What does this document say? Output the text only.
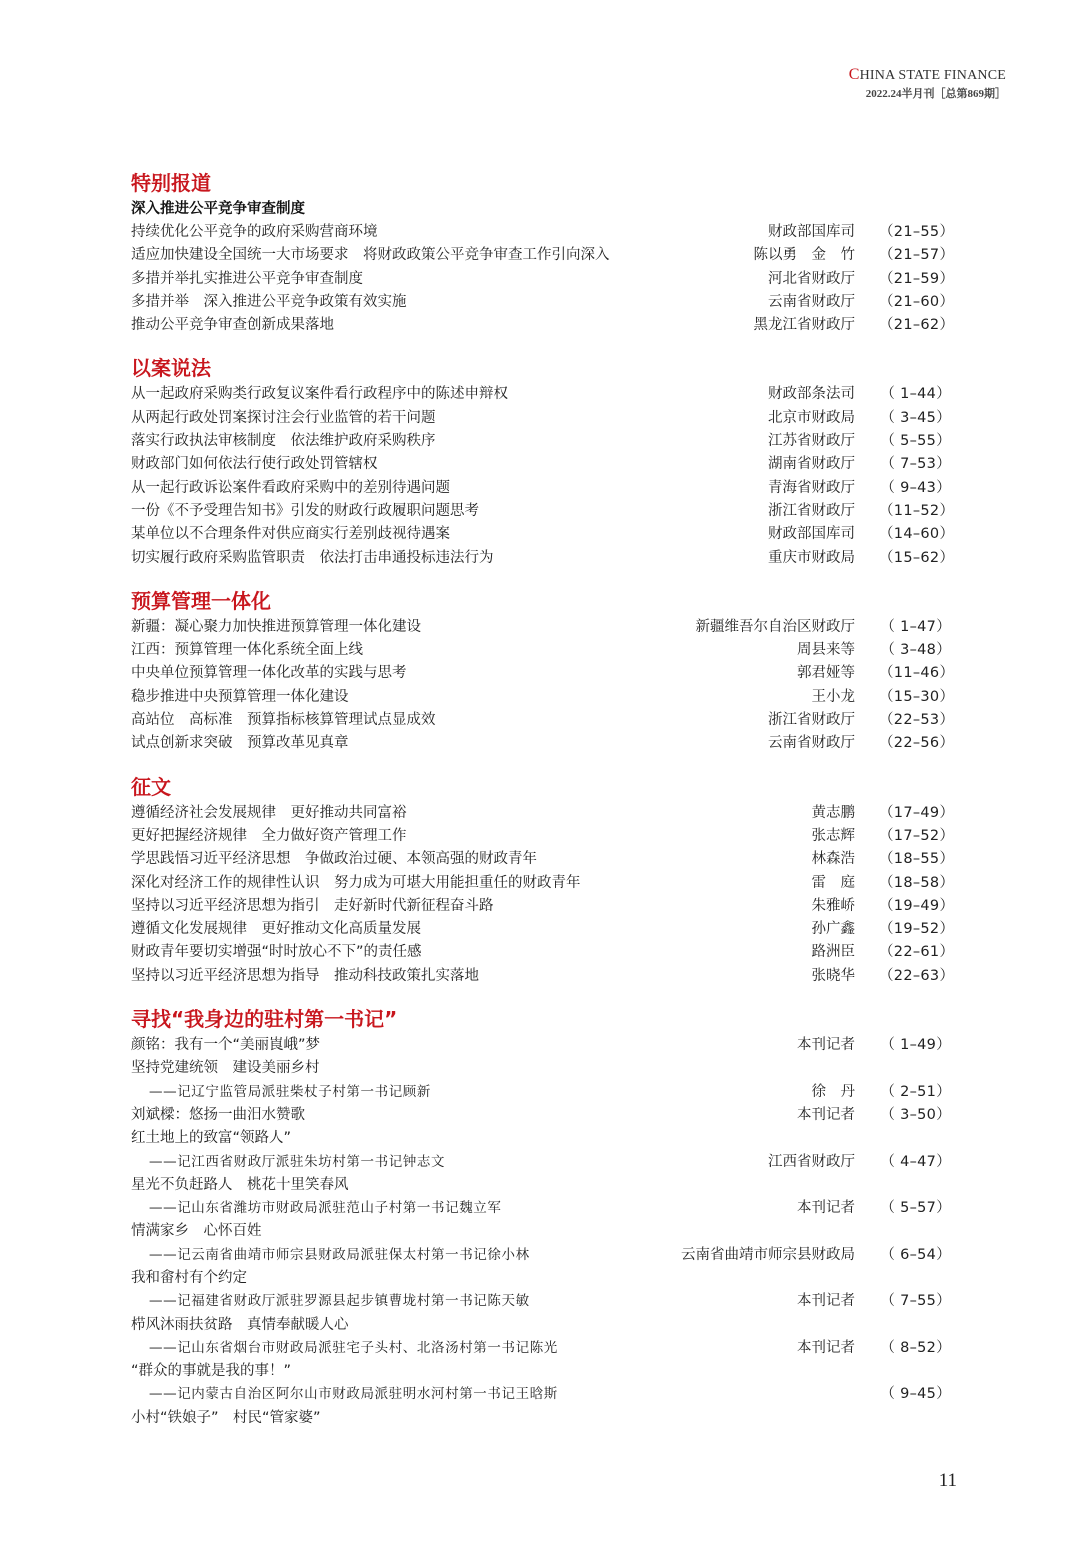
CHINA STATE FINANCE
2022.24半月刊［总第869期］
特别报道
深入推进公平竞争审查制度
持续优化公平竞争的政府采购营商环境	财政部国库司 （21–55）
适应加快建设全国统一大市场要求　将财政政策公平竞争审查工作引向深入	陈以勇　金　竹 （21–57）
多措并举扎实推进公平竞争审查制度	河北省财政厅 （21–59）
多措并举　深入推进公平竞争政策有效实施	云南省财政厅 （21–60）
推动公平竞争审查创新成果落地	黑龙江省财政厅 （21–62）
以案说法
从一起政府采购类行政复议案件看行政程序中的陈述申辩权	财政部条法司 （ 1–44）
从两起行政处罚案探讨注会行业监管的若干问题	北京市财政局 （ 3–45）
落实行政执法审核制度　依法维护政府采购秩序	江苏省财政厅 （ 5–55）
财政部门如何依法行使行政处罚管辖权	湖南省财政厅 （ 7–53）
从一起行政诉讼案件看政府采购中的差别待遇问题	青海省财政厅 （ 9–43）
一份《不予受理告知书》引发的财政行政履职问题思考	浙江省财政厅 （11–52）
某单位以不合理条件对供应商实行差别歧视待遇案	财政部国库司 （14–60）
切实履行政府采购监管职责　依法打击串通投标违法行为	重庆市财政局 （15–62）
预算管理一体化
新疆：凝心聚力加快推进预算管理一体化建设	新疆维吾尔自治区财政厅 （ 1–47）
江西：预算管理一体化系统全面上线	周县来等 （ 3–48）
中央单位预算管理一体化改革的实践与思考	郭君娅等 （11–46）
稳步推进中央预算管理一体化建设	王小龙 （15–30）
高站位　高标准　预算指标核算管理试点显成效	浙江省财政厅 （22–53）
试点创新求突破　预算改革见真章	云南省财政厅 （22–56）
征文
遵循经济社会发展规律　更好推动共同富裕	黄志鹏 （17–49）
更好把握经济规律　全力做好资产管理工作	张志辉 （17–52）
学思践悟习近平经济思想　争做政治过硬、本领高强的财政青年	林森浩 （18–55）
深化对经济工作的规律性认识　努力成为可堪大用能担重任的财政青年	雷　庭 （18–58）
坚持以习近平经济思想为指引　走好新时代新征程奋斗路	朱雅峤 （19–49）
遵循文化发展规律　更好推动文化高质量发展	孙广鑫 （19–52）
财政青年要切实增强“时时放心不下”的责任感	路洲臣 （22–61）
坚持以习近平经济思想为指导　推动科技政策扎实落地	张晓华 （22–63）
寻找“我身边的驻村第一书记”
颜铭：我有一个“美丽崀峨”梦	本刊记者 （ 1–49）
坚持党建统领　建设美丽乡村
——记辽宁监管局派驻柴杖子村第一书记顾新	徐　丹 （ 2–51）
刘斌樑：悠扬一曲汨水赞歌	本刊记者 （ 3–50）
红土地上的致富“领路人”
——记江西省财政厅派驻朱坊村第一书记钟志文	江西省财政厅 （ 4–47）
星光不负赶路人　桃花十里笑春风
——记山东省潍坊市财政局派驻范山子村第一书记魏立军	本刊记者 （ 5–57）
情满家乡　心怀百姓
——记云南省曲靖市师宗县财政局派驻保太村第一书记徐小林	云南省曲靖市师宗县财政局 （ 6–54）
我和畲村有个约定
——记福建省财政厅派驻罗源县起步镇曹垅村第一书记陈天敏	本刊记者 （ 7–55）
栉风沐雨扶贫路　真情奉献暖人心
——记山东省烟台市财政局派驻宅子头村、北洛汤村第一书记陈光	本刊记者 （ 8–52）
“群众的事就是我的事！”
——记内蒙古自治区阿尔山市财政局派驻明水河村第一书记王晗斯	（ 9–45）
小村“铁娘子”　村民“管家婆”
11
